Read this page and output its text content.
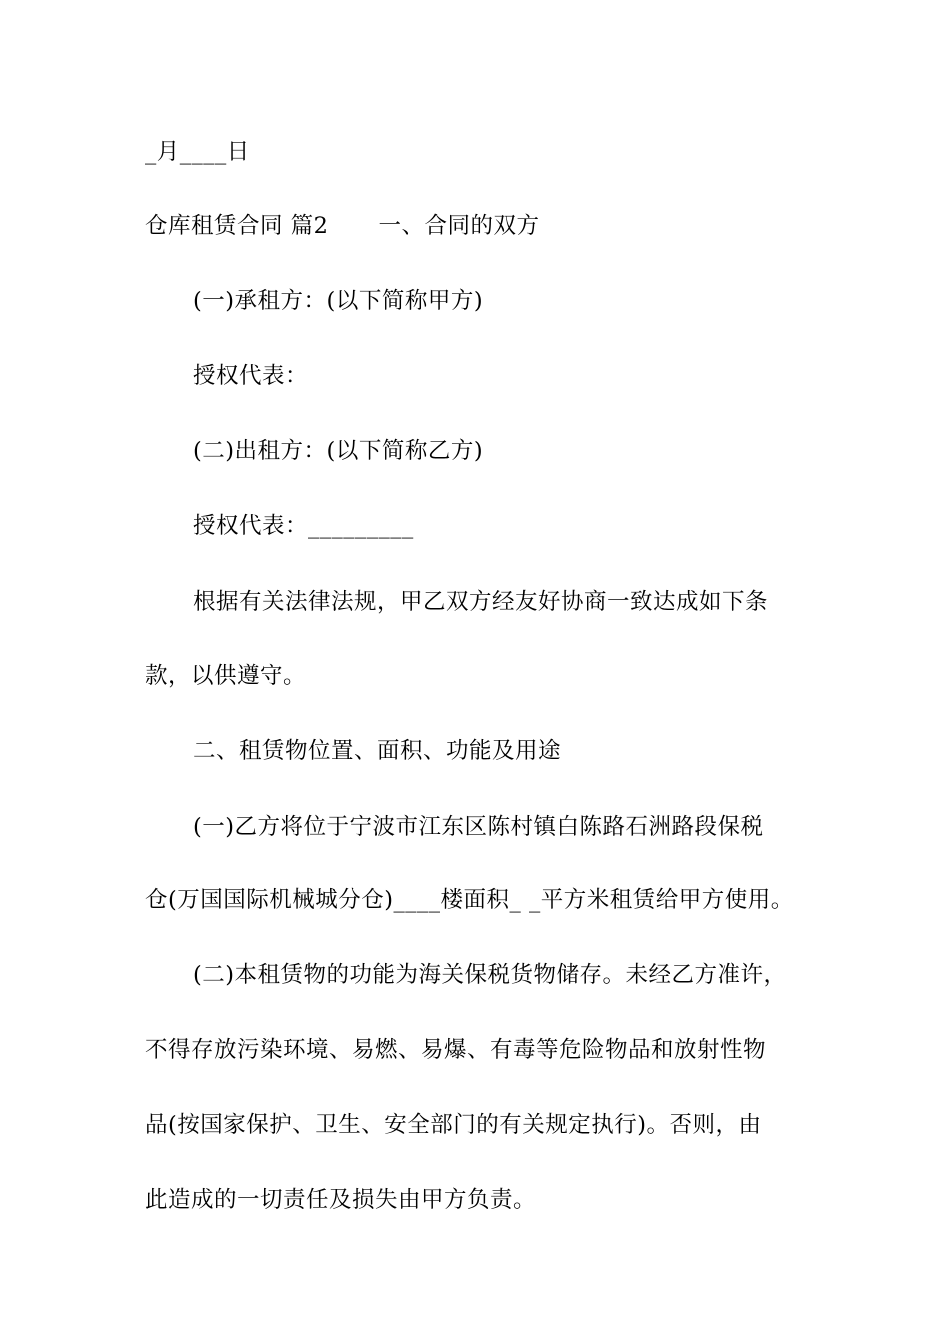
_月____日
仓库租赁合同 篇2 一、合同的双方
(一)承租方：(以下简称甲方)
授权代表：
(二)出租方：(以下简称乙方)
授权代表：_________
根据有关法律法规，甲乙双方经友好协商一致达成如下条
款，以供遵守。
二、租赁物位置、面积、功能及用途
(一)乙方将位于宁波市江东区陈村镇白陈路石洲路段保税
仓(万国国际机械城分仓)____楼面积_ _平方米租赁给甲方使用。
(二)本租赁物的功能为海关保税货物储存。未经乙方准许，
不得存放污染环境、易燃、易爆、有毒等危险物品和放射性物
品(按国家保护、卫生、安全部门的有关规定执行)。否则，由
此造成的一切责任及损失由甲方负责。
